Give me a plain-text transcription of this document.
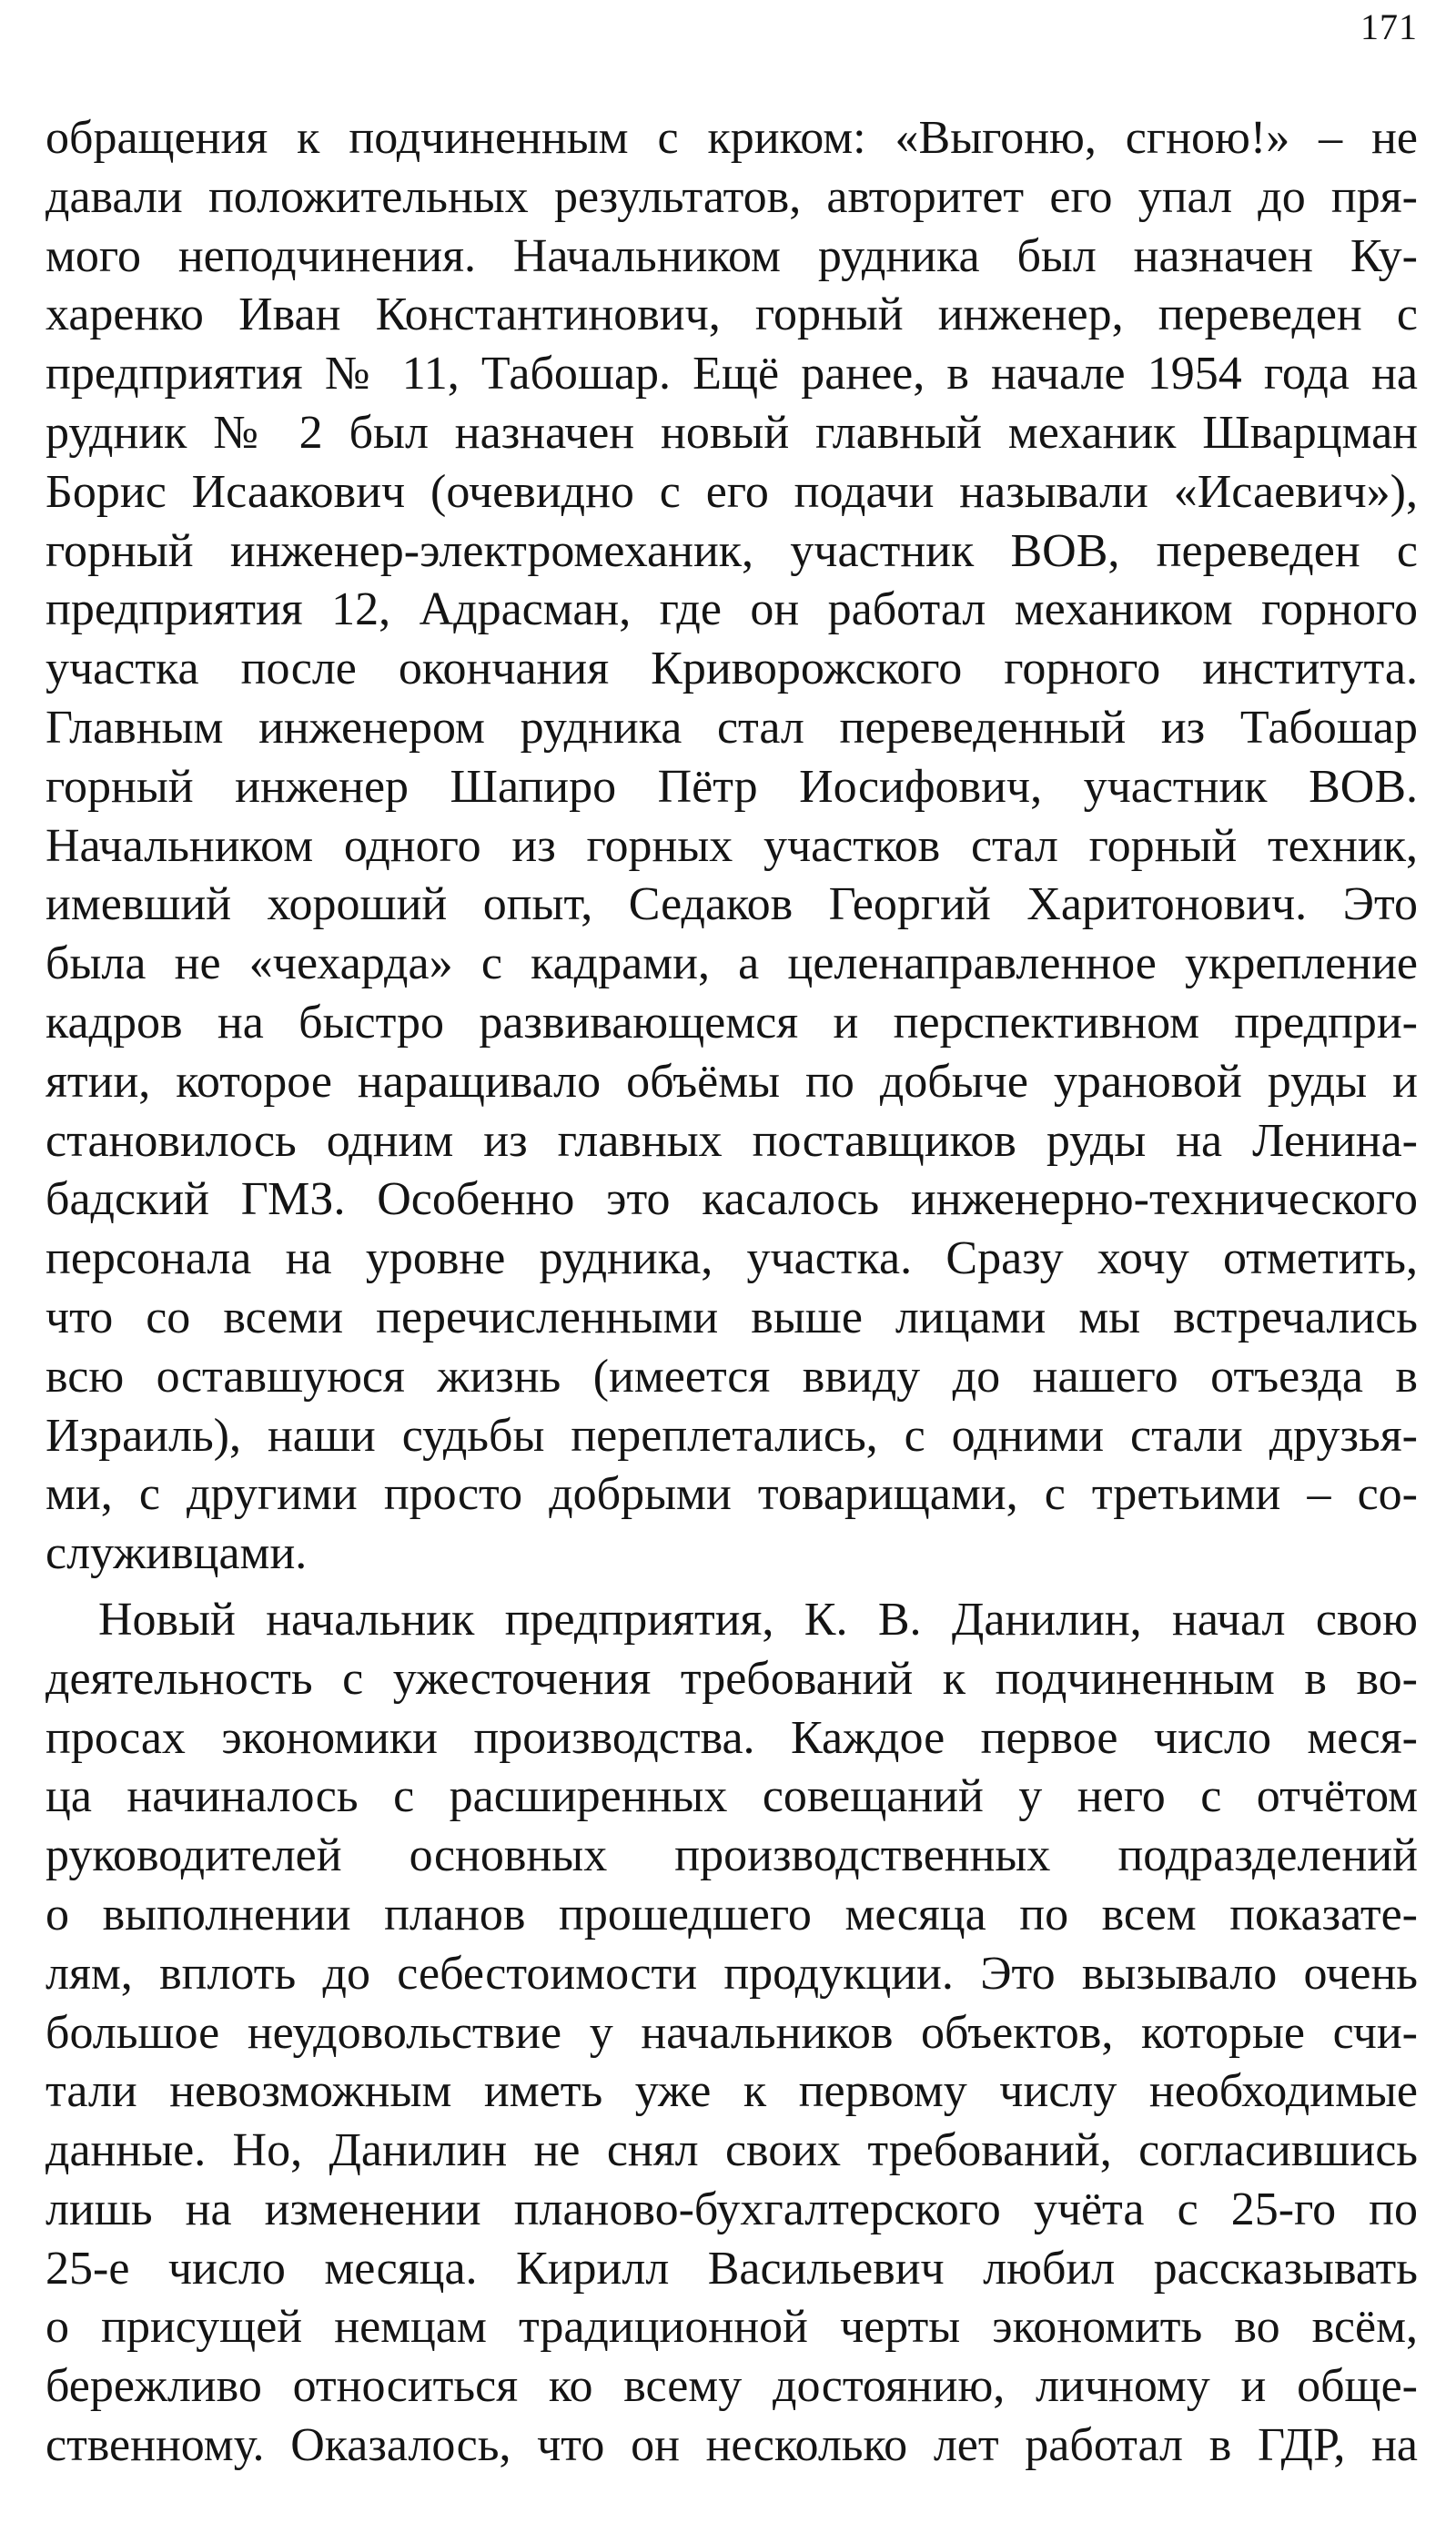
171
обращения к подчиненным с криком: «Выгоню, сгною!» – не
давали положительных результатов, авторитет его упал до пря-
мого неподчинения. Начальником рудника был назначен Ку-
харенко Иван Константинович, горный инженер, переведен с
предприятия № 11, Табошар. Ещё ранее, в начале 1954 года на
рудник № 2 был назначен новый главный механик Шварцман
Борис Исаакович (очевидно с его подачи называли «Исаевич»),
горный инженер-электромеханик, участник ВОВ, переведен с
предприятия 12, Адрасман, где он работал механиком горного
участка после окончания Криворожского горного института.
Главным инженером рудника стал переведенный из Табошар
горный инженер Шапиро Пётр Иосифович, участник ВОВ.
Начальником одного из горных участков стал горный техник,
имевший хороший опыт, Седаков Георгий Харитонович. Это
была не «чехарда» с кадрами, а целенаправленное укрепление
кадров на быстро развивающемся и перспективном предпри-
ятии, которое наращивало объёмы по добыче урановой руды и
становилось одним из главных поставщиков руды на Ленина-
бадский ГМЗ. Особенно это касалось инженерно-технического
персонала на уровне рудника, участка. Сразу хочу отметить,
что со всеми перечисленными выше лицами мы встречались
всю оставшуюся жизнь (имеется ввиду до нашего отъезда в
Израиль), наши судьбы переплетались, с одними стали друзья-
ми, с другими просто добрыми товарищами, с третьими – со-
служивцами.
Новый начальник предприятия, К. В. Данилин, начал свою
деятельность с ужесточения требований к подчиненным в во-
просах экономики производства. Каждое первое число меся-
ца начиналось с расширенных совещаний у него с отчётом
руководителей основных производственных подразделений
о выполнении планов прошедшего месяца по всем показате-
лям, вплоть до себестоимости продукции. Это вызывало очень
большое неудовольствие у начальников объектов, которые счи-
тали невозможным иметь уже к первому числу необходимые
данные. Но, Данилин не снял своих требований, согласившись
лишь на изменении планово-бухгалтерского учёта с 25-го по
25-е число месяца. Кирилл Васильевич любил рассказывать
о присущей немцам традиционной черты экономить во всём,
бережливо относиться ко всему достоянию, личному и обще-
ственному. Оказалось, что он несколько лет работал в ГДР, на
